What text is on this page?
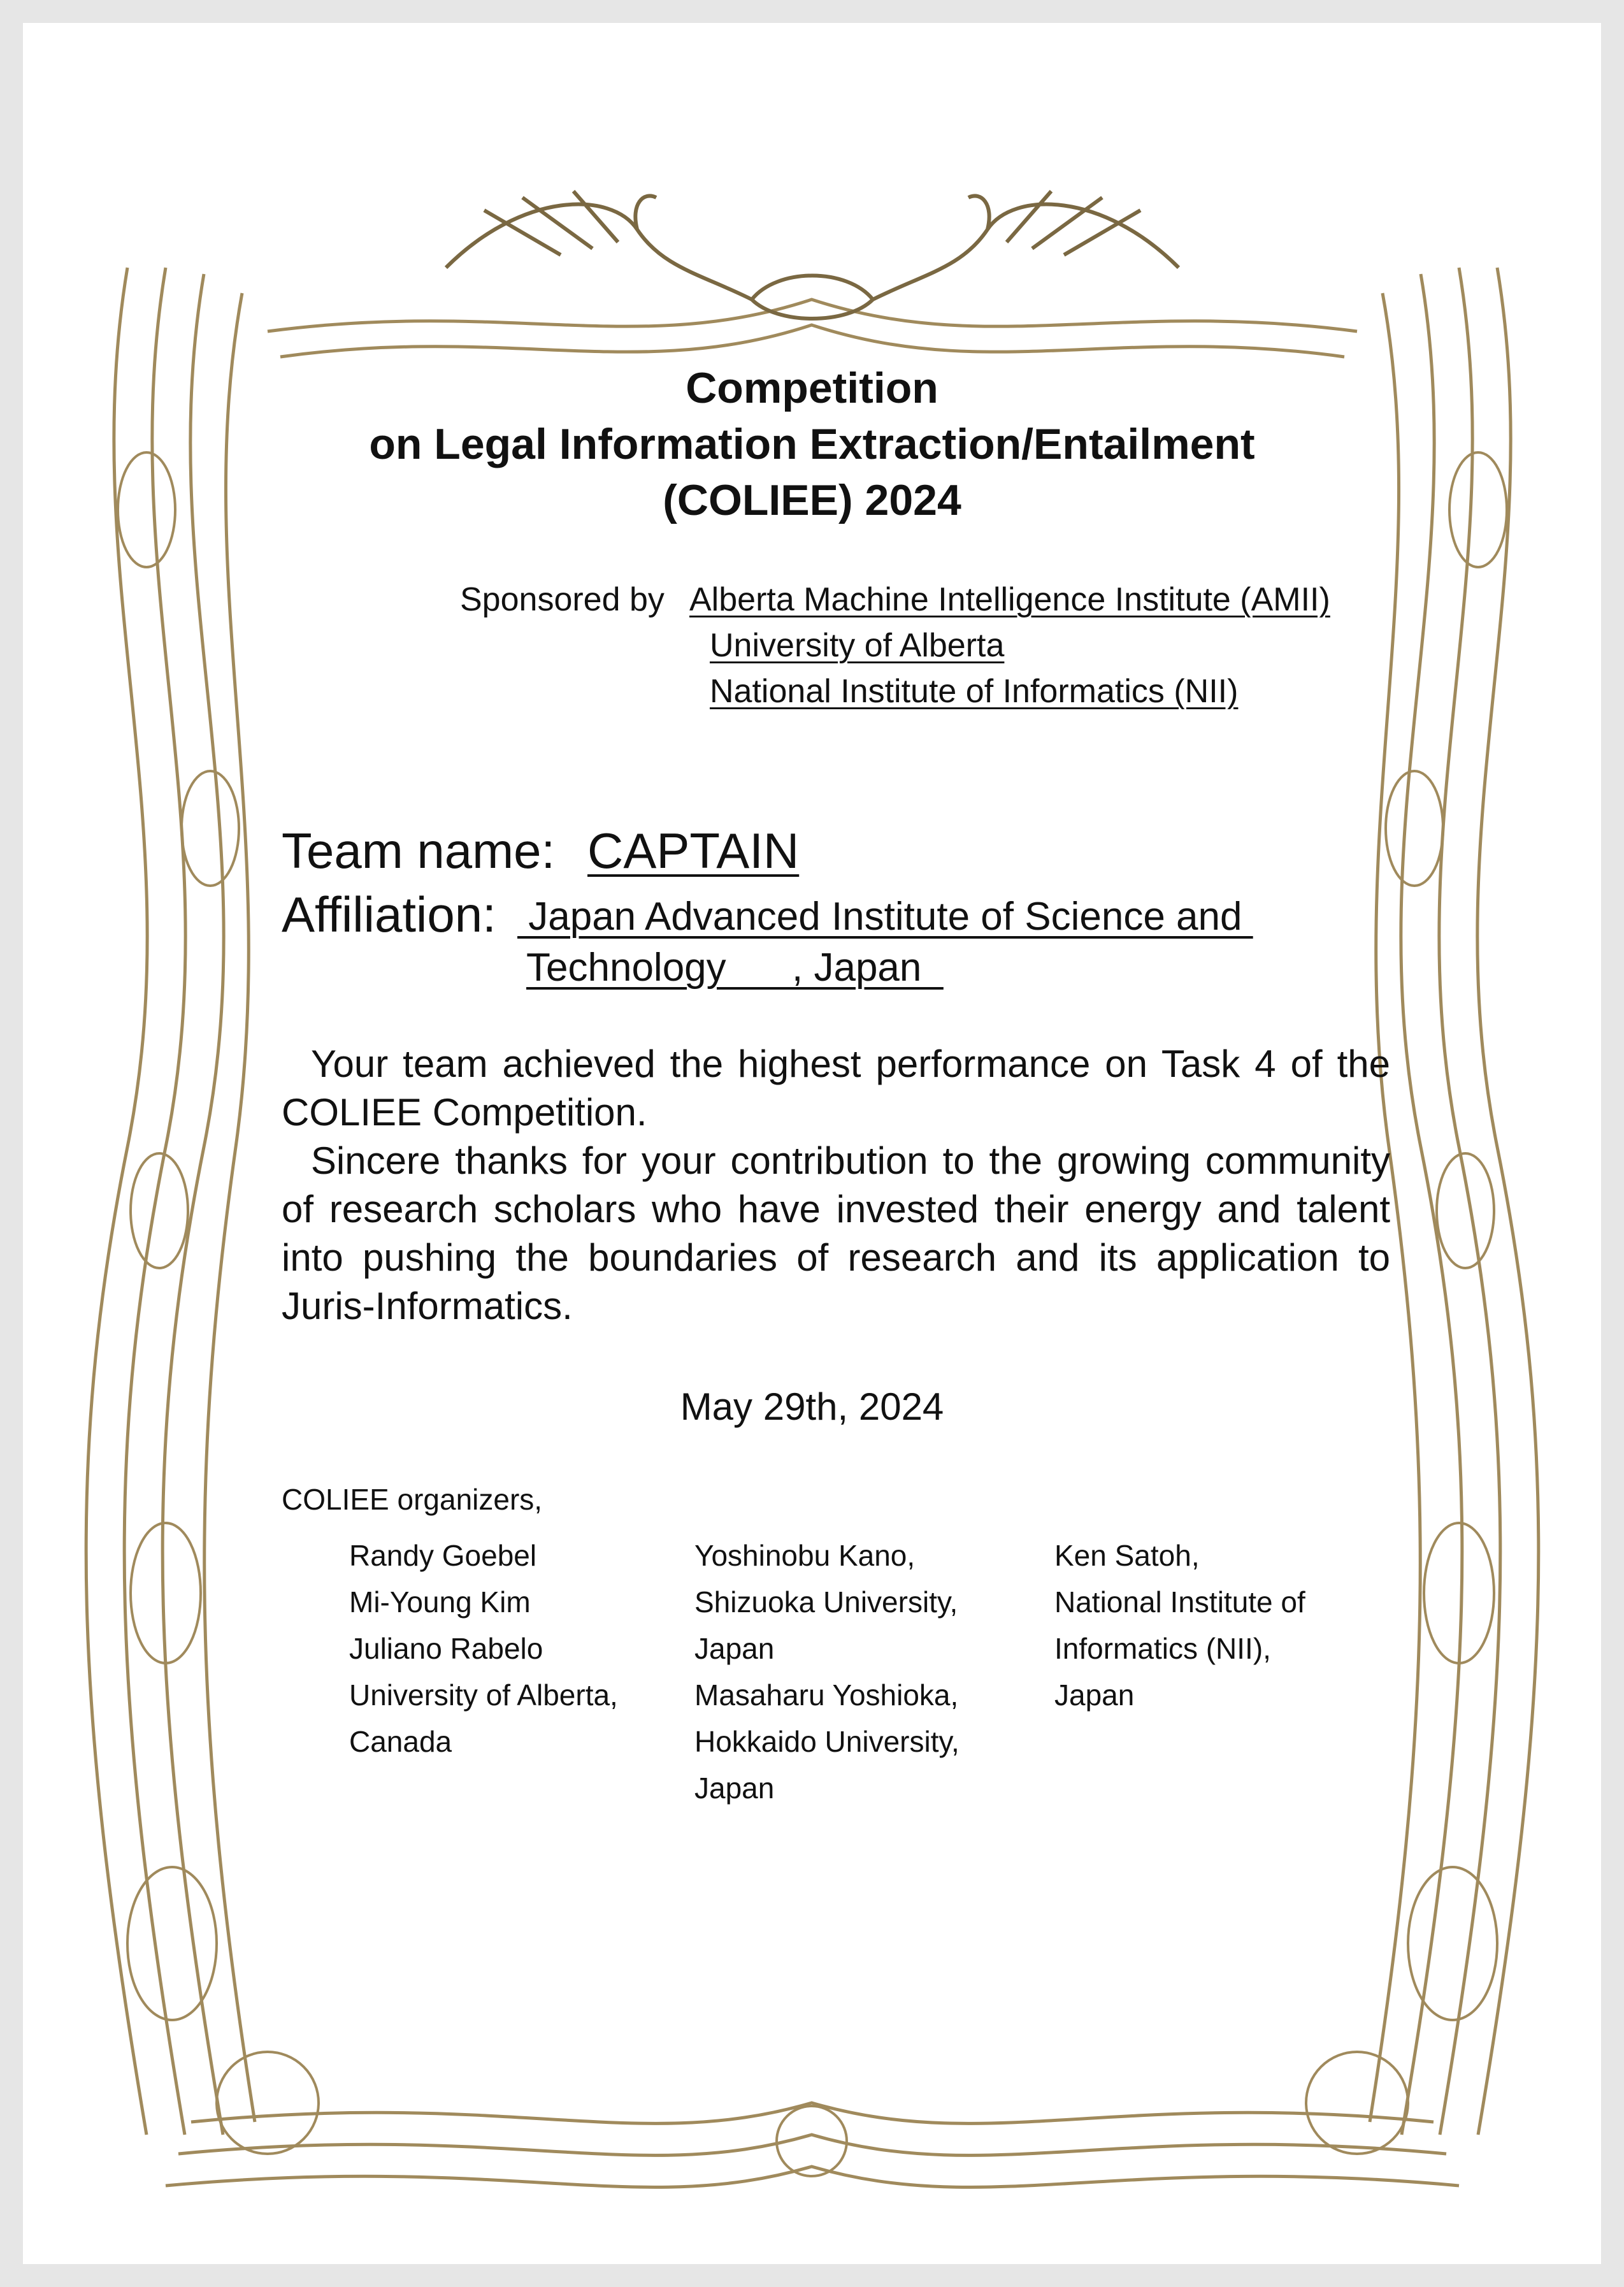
Competition
on Legal Information Extraction/Entailment
(COLIEE) 2024
Sponsored by Alberta Machine Intelligence Institute (AMII)
University of Alberta
National Institute of Informatics (NII)
Team name: CAPTAIN
Affiliation: Japan Advanced Institute of Science and
Technology      , Japan

Your team achieved the highest performance on Task 4 of the COLIEE Competition.

Sincere thanks for your contribution to the growing community of research scholars who have invested their energy and talent into pushing the boundaries of research and its application to Juris-Informatics.

May 29th, 2024
COLIEE organizers,
Randy Goebel
Mi-Young Kim
Juliano Rabelo
University of Alberta,
Canada
Yoshinobu Kano,
Shizuoka University,
Japan
Masaharu Yoshioka,
Hokkaido University,
Japan
Ken Satoh,
National Institute of
Informatics (NII),
Japan
